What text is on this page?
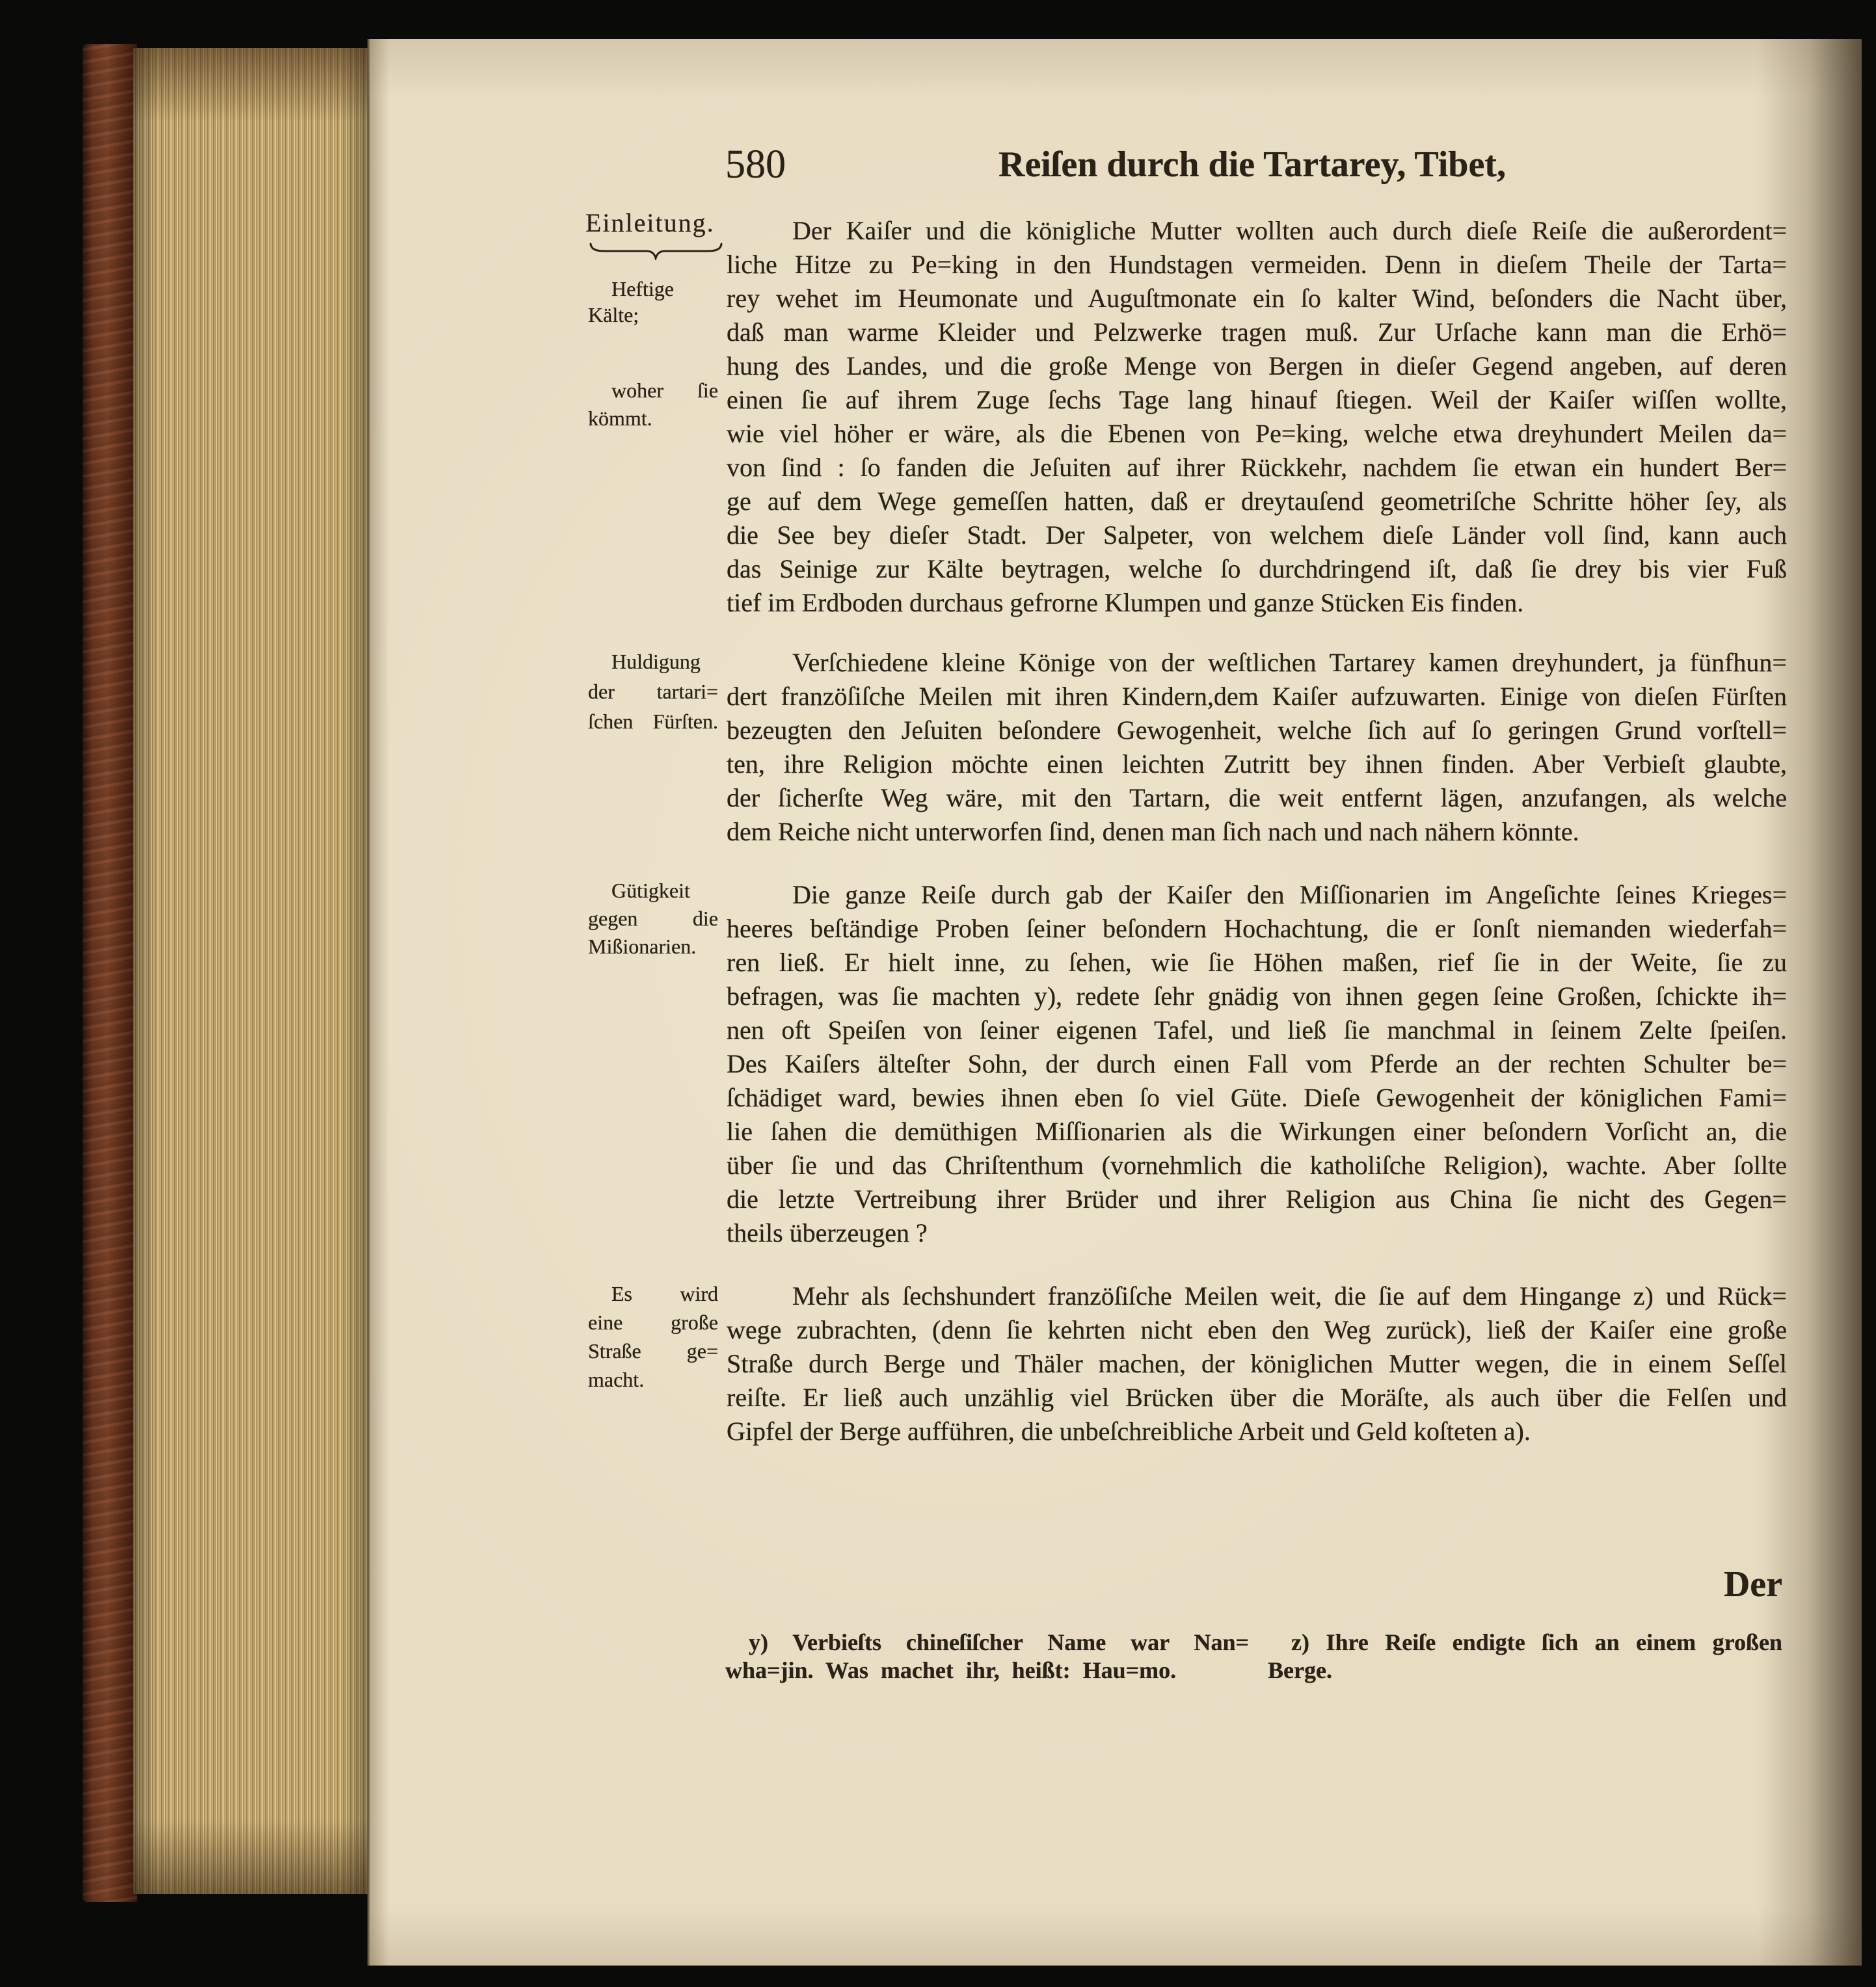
580	Reiſen durch die Tartarey, Tibet,
Einleitung.
Heftige
Kälte;
woher ſie
kömmt.
Huldigung
der tartari=
ſchen Fürſten.
Gütigkeit
gegen die
Mißionarien.
Es wird
eine große
Straße ge=
macht.
Der Kaiſer und die königliche Mutter wollten auch durch dieſe Reiſe die außerordent=
liche Hitze zu Pe=king in den Hundstagen vermeiden. Denn in dieſem Theile der Tarta=
rey wehet im Heumonate und Auguſtmonate ein ſo kalter Wind, beſonders die Nacht über,
daß man warme Kleider und Pelzwerke tragen muß. Zur Urſache kann man die Erhö=
hung des Landes, und die große Menge von Bergen in dieſer Gegend angeben, auf deren
einen ſie auf ihrem Zuge ſechs Tage lang hinauf ſtiegen. Weil der Kaiſer wiſſen wollte,
wie viel höher er wäre, als die Ebenen von Pe=king, welche etwa dreyhundert Meilen da=
von ſind : ſo fanden die Jeſuiten auf ihrer Rückkehr, nachdem ſie etwan ein hundert Ber=
ge auf dem Wege gemeſſen hatten, daß er dreytauſend geometriſche Schritte höher ſey, als
die See bey dieſer Stadt. Der Salpeter, von welchem dieſe Länder voll ſind, kann auch
das Seinige zur Kälte beytragen, welche ſo durchdringend iſt, daß ſie drey bis vier Fuß
tief im Erdboden durchaus gefrorne Klumpen und ganze Stücken Eis finden.
Verſchiedene kleine Könige von der weſtlichen Tartarey kamen dreyhundert, ja fünfhun=
dert franzöſiſche Meilen mit ihren Kindern,dem Kaiſer aufzuwarten. Einige von dieſen Fürſten
bezeugten den Jeſuiten beſondere Gewogenheit, welche ſich auf ſo geringen Grund vorſtell=
ten, ihre Religion möchte einen leichten Zutritt bey ihnen finden. Aber Verbieſt glaubte,
der ſicherſte Weg wäre, mit den Tartarn, die weit entfernt lägen, anzufangen, als welche
dem Reiche nicht unterworfen ſind, denen man ſich nach und nach nähern könnte.
Die ganze Reiſe durch gab der Kaiſer den Miſſionarien im Angeſichte ſeines Krieges=
heeres beſtändige Proben ſeiner beſondern Hochachtung, die er ſonſt niemanden wiederfah=
ren ließ. Er hielt inne, zu ſehen, wie ſie Höhen maßen, rief ſie in der Weite, ſie zu
befragen, was ſie machten y), redete ſehr gnädig von ihnen gegen ſeine Großen, ſchickte ih=
nen oft Speiſen von ſeiner eigenen Tafel, und ließ ſie manchmal in ſeinem Zelte ſpeiſen.
Des Kaiſers älteſter Sohn, der durch einen Fall vom Pferde an der rechten Schulter be=
ſchädiget ward, bewies ihnen eben ſo viel Güte. Dieſe Gewogenheit der königlichen Fami=
lie ſahen die demüthigen Miſſionarien als die Wirkungen einer beſondern Vorſicht an, die
über ſie und das Chriſtenthum (vornehmlich die katholiſche Religion), wachte. Aber ſollte
die letzte Vertreibung ihrer Brüder und ihrer Religion aus China ſie nicht des Gegen=
theils überzeugen ?
Mehr als ſechshundert franzöſiſche Meilen weit, die ſie auf dem Hingange z) und Rück=
wege zubrachten, (denn ſie kehrten nicht eben den Weg zurück), ließ der Kaiſer eine große
Straße durch Berge und Thäler machen, der königlichen Mutter wegen, die in einem Seſſel
reiſte. Er ließ auch unzählig viel Brücken über die Moräſte, als auch über die Felſen und
Gipfel der Berge aufführen, die unbeſchreibliche Arbeit und Geld koſteten a).
Der
y) Verbieſts chineſiſcher Name war Nan=
wha=jin. Was machet ihr, heißt: Hau=mo.
z) Ihre Reiſe endigte ſich an einem großen
Berge.
